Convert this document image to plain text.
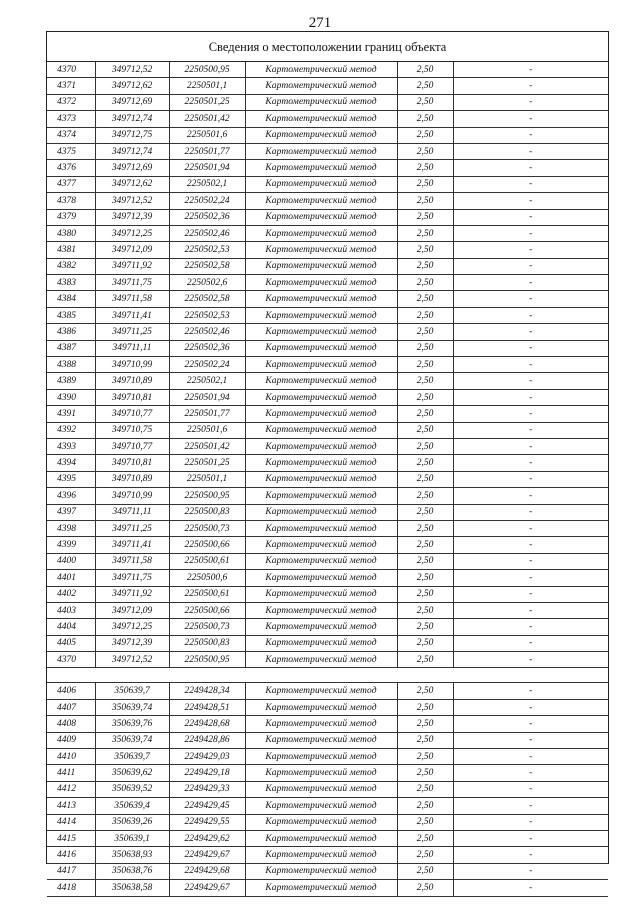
271
Сведения о местоположении границ объекта
4370	349712,52	2250500,95	Картометрический метод	2,50	-
4371	349712,62	2250501,1	Картометрический метод	2,50	-
4372	349712,69	2250501,25	Картометрический метод	2,50	-
4373	349712,74	2250501,42	Картометрический метод	2,50	-
4374	349712,75	2250501,6	Картометрический метод	2,50	-
4375	349712,74	2250501,77	Картометрический метод	2,50	-
4376	349712,69	2250501,94	Картометрический метод	2,50	-
4377	349712,62	2250502,1	Картометрический метод	2,50	-
4378	349712,52	2250502,24	Картометрический метод	2,50	-
4379	349712,39	2250502,36	Картометрический метод	2,50	-
4380	349712,25	2250502,46	Картометрический метод	2,50	-
4381	349712,09	2250502,53	Картометрический метод	2,50	-
4382	349711,92	2250502,58	Картометрический метод	2,50	-
4383	349711,75	2250502,6	Картометрический метод	2,50	-
4384	349711,58	2250502,58	Картометрический метод	2,50	-
4385	349711,41	2250502,53	Картометрический метод	2,50	-
4386	349711,25	2250502,46	Картометрический метод	2,50	-
4387	349711,11	2250502,36	Картометрический метод	2,50	-
4388	349710,99	2250502,24	Картометрический метод	2,50	-
4389	349710,89	2250502,1	Картометрический метод	2,50	-
4390	349710,81	2250501,94	Картометрический метод	2,50	-
4391	349710,77	2250501,77	Картометрический метод	2,50	-
4392	349710,75	2250501,6	Картометрический метод	2,50	-
4393	349710,77	2250501,42	Картометрический метод	2,50	-
4394	349710,81	2250501,25	Картометрический метод	2,50	-
4395	349710,89	2250501,1	Картометрический метод	2,50	-
4396	349710,99	2250500,95	Картометрический метод	2,50	-
4397	349711,11	2250500,83	Картометрический метод	2,50	-
4398	349711,25	2250500,73	Картометрический метод	2,50	-
4399	349711,41	2250500,66	Картометрический метод	2,50	-
4400	349711,58	2250500,61	Картометрический метод	2,50	-
4401	349711,75	2250500,6	Картометрический метод	2,50	-
4402	349711,92	2250500,61	Картометрический метод	2,50	-
4403	349712,09	2250500,66	Картометрический метод	2,50	-
4404	349712,25	2250500,73	Картометрический метод	2,50	-
4405	349712,39	2250500,83	Картометрический метод	2,50	-
4370	349712,52	2250500,95	Картометрический метод	2,50	-

4406	350639,7	2249428,34	Картометрический метод	2,50	-
4407	350639,74	2249428,51	Картометрический метод	2,50	-
4408	350639,76	2249428,68	Картометрический метод	2,50	-
4409	350639,74	2249428,86	Картометрический метод	2,50	-
4410	350639,7	2249429,03	Картометрический метод	2,50	-
4411	350639,62	2249429,18	Картометрический метод	2,50	-
4412	350639,52	2249429,33	Картометрический метод	2,50	-
4413	350639,4	2249429,45	Картометрический метод	2,50	-
4414	350639,26	2249429,55	Картометрический метод	2,50	-
4415	350639,1	2249429,62	Картометрический метод	2,50	-
4416	350638,93	2249429,67	Картометрический метод	2,50	-
4417	350638,76	2249429,68	Картометрический метод	2,50	-
4418	350638,58	2249429,67	Картометрический метод	2,50	-
